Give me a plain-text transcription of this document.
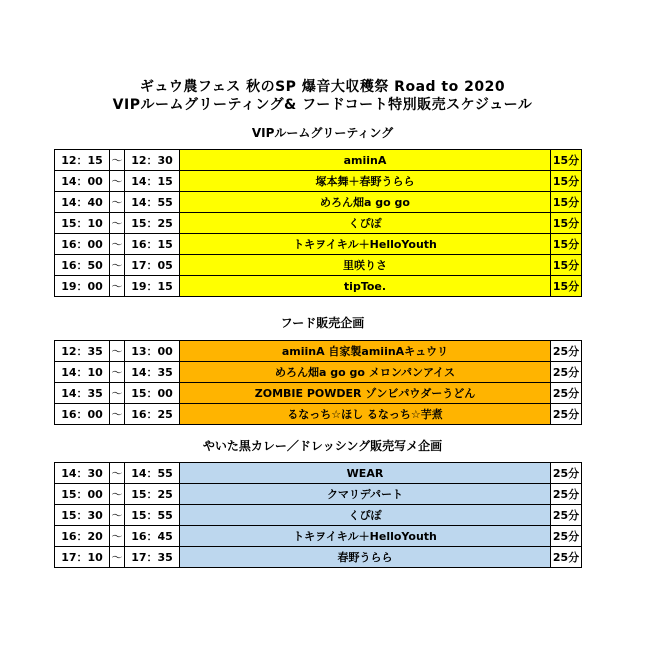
ギュウ農フェス 秋のSP 爆音大収穫祭 Road to 2020
VIPルームグリーティング& フードコート特別販売スケジュール
VIPルームグリーティング
12：15	～	12：30	amiinA	15分
14：00	～	14：15	塚本舞＋春野うらら	15分
14：40	～	14：55	めろん畑a go go	15分
15：10	～	15：25	くぴぽ	15分
16：00	～	16：15	トキヲイキル＋HelloYouth	15分
16：50	～	17：05	里咲りさ	15分
19：00	～	19：15	tipToe.	15分
フード販売企画
12：35	～	13：00	amiinA 自家製amiinAキュウリ	25分
14：10	～	14：35	めろん畑a go go メロンパンアイス	25分
14：35	～	15：00	ZOMBIE POWDER ゾンビパウダーうどん	25分
16：00	～	16：25	るなっち☆ほし るなっち☆芋煮	25分
やいた黒カレー／ドレッシング販売写メ企画
14：30	～	14：55	WEAR	25分
15：00	～	15：25	クマリデパート	25分
15：30	～	15：55	くぴぽ	25分
16：20	～	16：45	トキヲイキル＋HelloYouth	25分
17：10	～	17：35	春野うらら	25分
